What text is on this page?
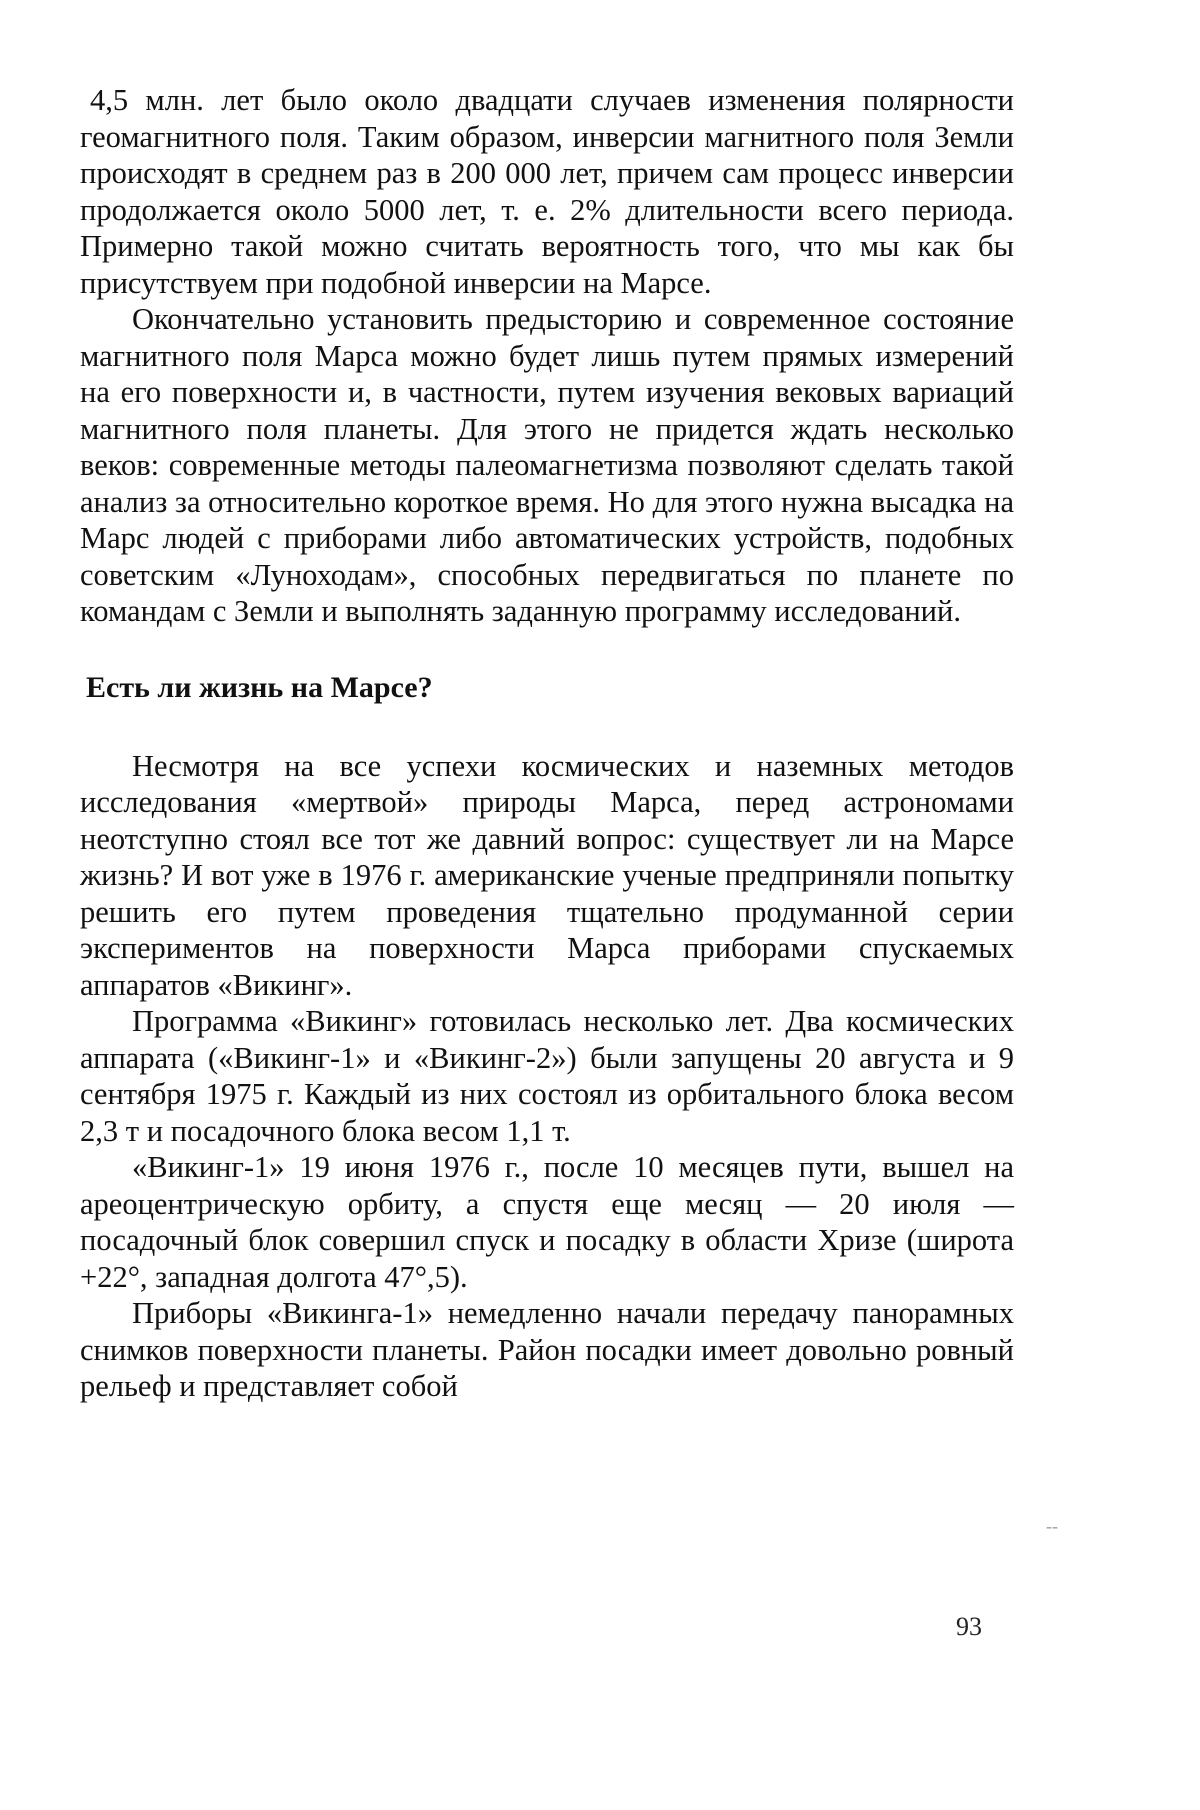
4,5 млн. лет было около двадцати случаев изменения полярности геомагнитного поля. Таким образом, инверсии магнитного поля Земли происходят в среднем раз в 200 000 лет, причем сам процесс инверсии продолжается около 5000 лет, т. е. 2% длительности всего периода. Примерно такой можно считать вероятность того, что мы как бы присутствуем при подобной инверсии на Марсе.

Окончательно установить предысторию и современное состояние магнитного поля Марса можно будет лишь путем прямых измерений на его поверхности и, в частности, путем изучения вековых вариаций магнитного поля планеты. Для этого не придется ждать несколько веков: современные методы палеомагнетизма позволяют сделать такой анализ за относительно короткое время. Но для этого нужна высадка на Марс людей с приборами либо автоматических устройств, подобных советским «Луноходам», способных передвигаться по планете по командам с Земли и выполнять заданную программу исследований.

Есть ли жизнь на Марсе?

Несмотря на все успехи космических и наземных методов исследования «мертвой» природы Марса, перед астрономами неотступно стоял все тот же давний вопрос: существует ли на Марсе жизнь? И вот уже в 1976 г. американские ученые предприняли попытку решить его путем проведения тщательно продуманной серии экспериментов на поверхности Марса приборами спускаемых аппаратов «Викинг».

Программа «Викинг» готовилась несколько лет. Два космических аппарата («Викинг-1» и «Викинг-2») были запущены 20 августа и 9 сентября 1975 г. Каждый из них состоял из орбитального блока весом 2,3 т и посадочного блока весом 1,1 т.

«Викинг-1» 19 июня 1976 г., после 10 месяцев пути, вышел на ареоцентрическую орбиту, а спустя еще месяц — 20 июля — посадочный блок совершил спуск и посадку в области Хризе (широта +22°, западная долгота 47°,5).

Приборы «Викинга-1» немедленно начали передачу панорамных снимков поверхности планеты. Район посадки имеет довольно ровный рельеф и представляет собой

--
93
